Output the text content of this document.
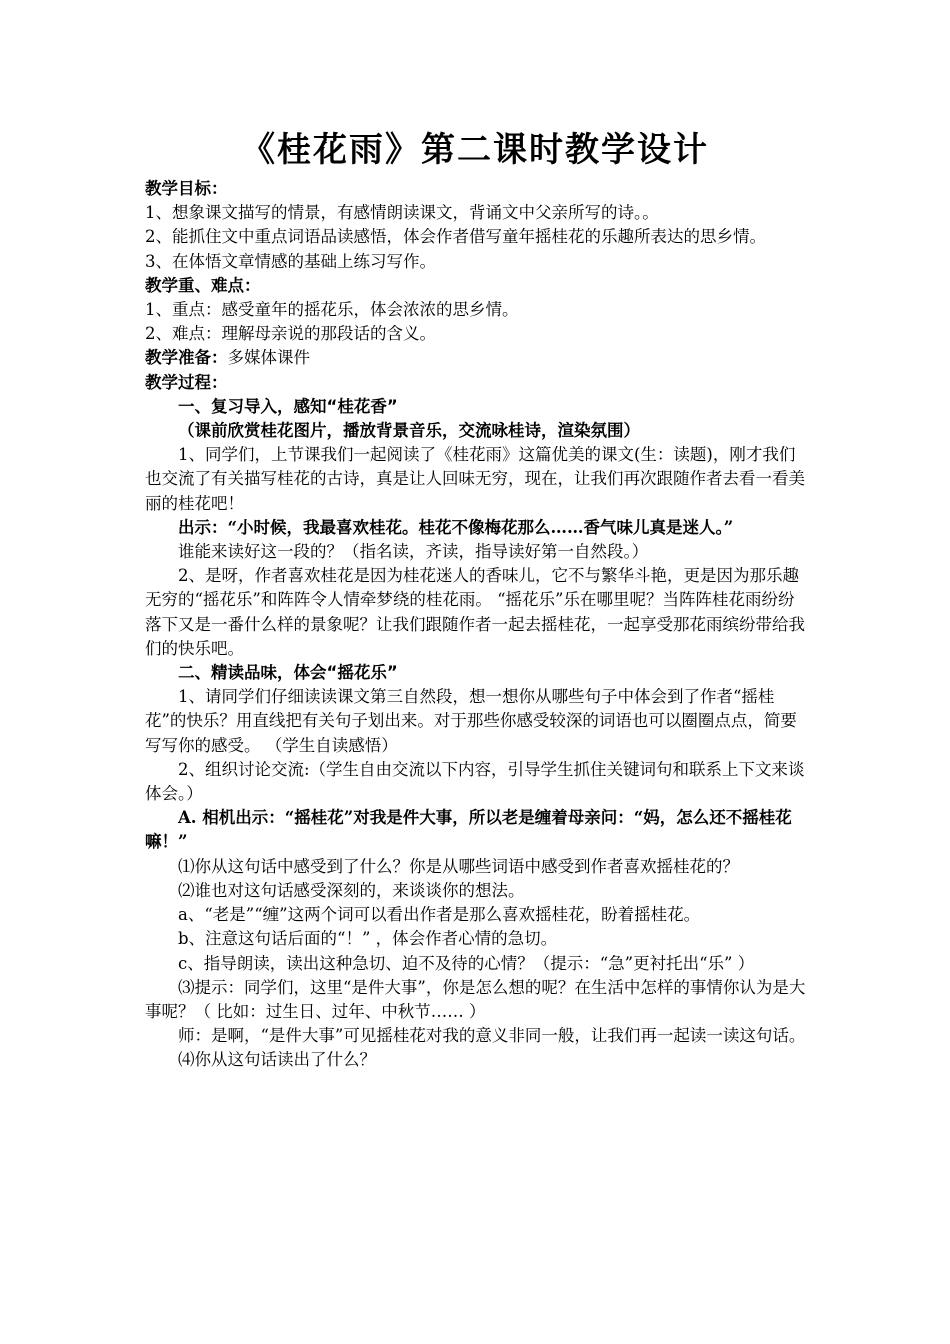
《桂花雨》第二课时教学设计

教学目标：

1、想象课文描写的情景，有感情朗读课文，背诵文中父亲所写的诗。。

2、能抓住文中重点词语品读感悟，体会作者借写童年摇桂花的乐趣所表达的思乡情。

3、在体悟文章情感的基础上练习写作。

教学重、难点：

1、重点：感受童年的摇花乐，体会浓浓的思乡情。

2、难点：理解母亲说的那段话的含义。

教学准备：多媒体课件

教学过程：

一、复习导入，感知“桂花香”

（课前欣赏桂花图片，播放背景音乐，交流咏桂诗，渲染氛围）

1、同学们，上节课我们一起阅读了《桂花雨》这篇优美的课文(生：读题)，刚才我们也交流了有关描写桂花的古诗，真是让人回味无穷，现在，让我们再次跟随作者去看一看美丽的桂花吧！

出示：“小时候，我最喜欢桂花。桂花不像梅花那么……香气味儿真是迷人。”

谁能来读好这一段的？（指名读，齐读，指导读好第一自然段。）

2、是呀，作者喜欢桂花是因为桂花迷人的香味儿，它不与繁华斗艳，更是因为那乐趣无穷的“摇花乐”和阵阵令人情牵梦绕的桂花雨。 “摇花乐”乐在哪里呢？当阵阵桂花雨纷纷落下又是一番什么样的景象呢？让我们跟随作者一起去摇桂花，一起享受那花雨缤纷带给我们的快乐吧。

二、精读品味，体会“摇花乐”

1、请同学们仔细读读课文第三自然段，想一想你从哪些句子中体会到了作者“摇桂花”的快乐？用直线把有关句子划出来。对于那些你感受较深的词语也可以圈圈点点，简要写写你的感受。 （学生自读感悟）

2、组织讨论交流:（学生自由交流以下内容，引导学生抓住关键词句和联系上下文来谈体会。）

A. 相机出示：“摇桂花”对我是件大事，所以老是缠着母亲问：“妈，怎么还不摇桂花嘛！”

⑴你从这句话中感受到了什么？你是从哪些词语中感受到作者喜欢摇桂花的？

⑵谁也对这句话感受深刻的，来谈谈你的想法。

a、“老是”“缠”这两个词可以看出作者是那么喜欢摇桂花，盼着摇桂花。

b、注意这句话后面的“！” ，体会作者心情的急切。

c、指导朗读，读出这种急切、迫不及待的心情？（提示：“急”更衬托出“乐” ）

⑶提示：同学们，这里“是件大事”，你是怎么想的呢？在生活中怎样的事情你认为是大事呢？（ 比如：过生日、过年、中秋节…… ）

师：是啊，“是件大事”可见摇桂花对我的意义非同一般，让我们再一起读一读这句话。

⑷你从这句话读出了什么？
